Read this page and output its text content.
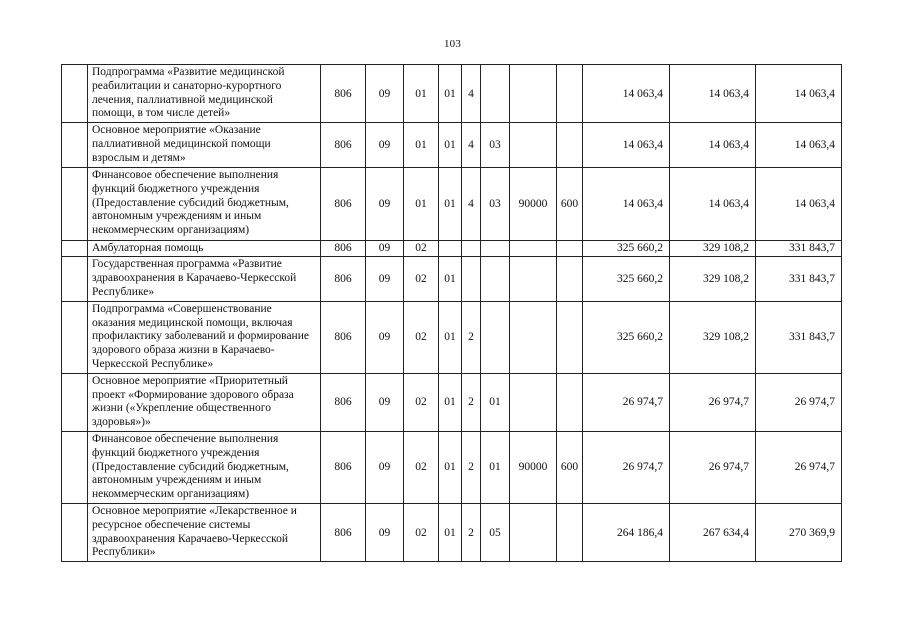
103
	Подпрограмма «Развитие медицинской реабилитации и санаторно-курортного лечения, паллиативной медицинской помощи, в том числе детей»	806	09	01	01	4				14 063,4	14 063,4	14 063,4
	Основное мероприятие «Оказание паллиативной медицинской помощи взрослым и детям»	806	09	01	01	4	03			14 063,4	14 063,4	14 063,4
	Финансовое обеспечение выполнения функций бюджетного учреждения (Предоставление субсидий бюджетным, автономным учреждениям и иным некоммерческим организациям)	806	09	01	01	4	03	90000	600	14 063,4	14 063,4	14 063,4
	Амбулаторная помощь	806	09	02						325 660,2	329 108,2	331 843,7
	Государственная программа «Развитие здравоохранения в Карачаево-Черкесской Республике»	806	09	02	01					325 660,2	329 108,2	331 843,7
	Подпрограмма «Совершенствование оказания медицинской помощи, включая профилактику заболеваний и формирование здорового образа жизни в Карачаево-Черкесской Республике»	806	09	02	01	2				325 660,2	329 108,2	331 843,7
	Основное мероприятие «Приоритетный проект «Формирование здорового образа жизни («Укрепление общественного здоровья»)»	806	09	02	01	2	01			26 974,7	26 974,7	26 974,7
	Финансовое обеспечение выполнения функций бюджетного учреждения (Предоставление субсидий бюджетным, автономным учреждениям и иным некоммерческим организациям)	806	09	02	01	2	01	90000	600	26 974,7	26 974,7	26 974,7
	Основное мероприятие «Лекарственное и ресурсное обеспечение системы здравоохранения Карачаево-Черкесской Республики»	806	09	02	01	2	05			264 186,4	267 634,4	270 369,9
